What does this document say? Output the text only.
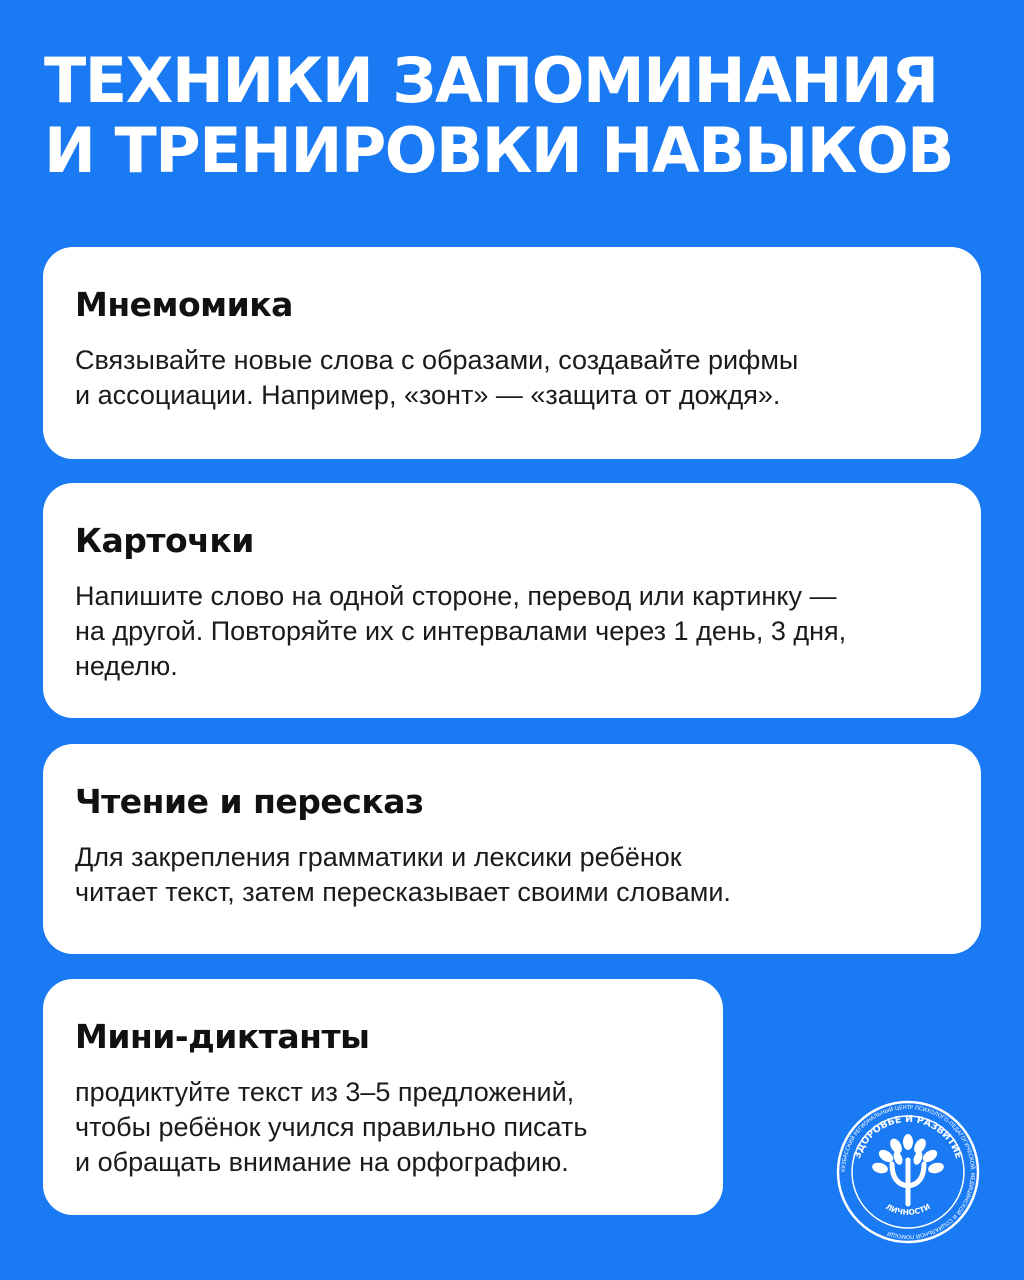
ТЕХНИКИ ЗАПОМИНАНИЯ
И ТРЕНИРОВКИ НАВЫКОВ
Мнемомика
Связывайте новые слова с образами, создавайте рифмы
и ассоциации. Например, «зонт» — «защита от дождя».
Карточки
Напишите слово на одной стороне, перевод или картинку —
на другой. Повторяйте их с интервалами через 1 день, 3 дня,
неделю.
Чтение и пересказ
Для закрепления грамматики и лексики ребёнок
читает текст, затем пересказывает своими словами.
Мини-диктанты
продиктуйте текст из 3–5 предложений,
чтобы ребёнок учился правильно писать
и обращать внимание на орфографию.	КУЗБАССКИЙ РЕГИОНАЛЬНЫЙ ЦЕНТР ПСИХОЛОГО-ПЕДАГОГИЧЕСКОЙ, МЕДИЦИНСКОЙ И СОЦИАЛЬНОЙ ПОМОЩИ
ЗДОРОВЬЕ И РАЗВИТИЕ
ЛИЧНОСТИ
